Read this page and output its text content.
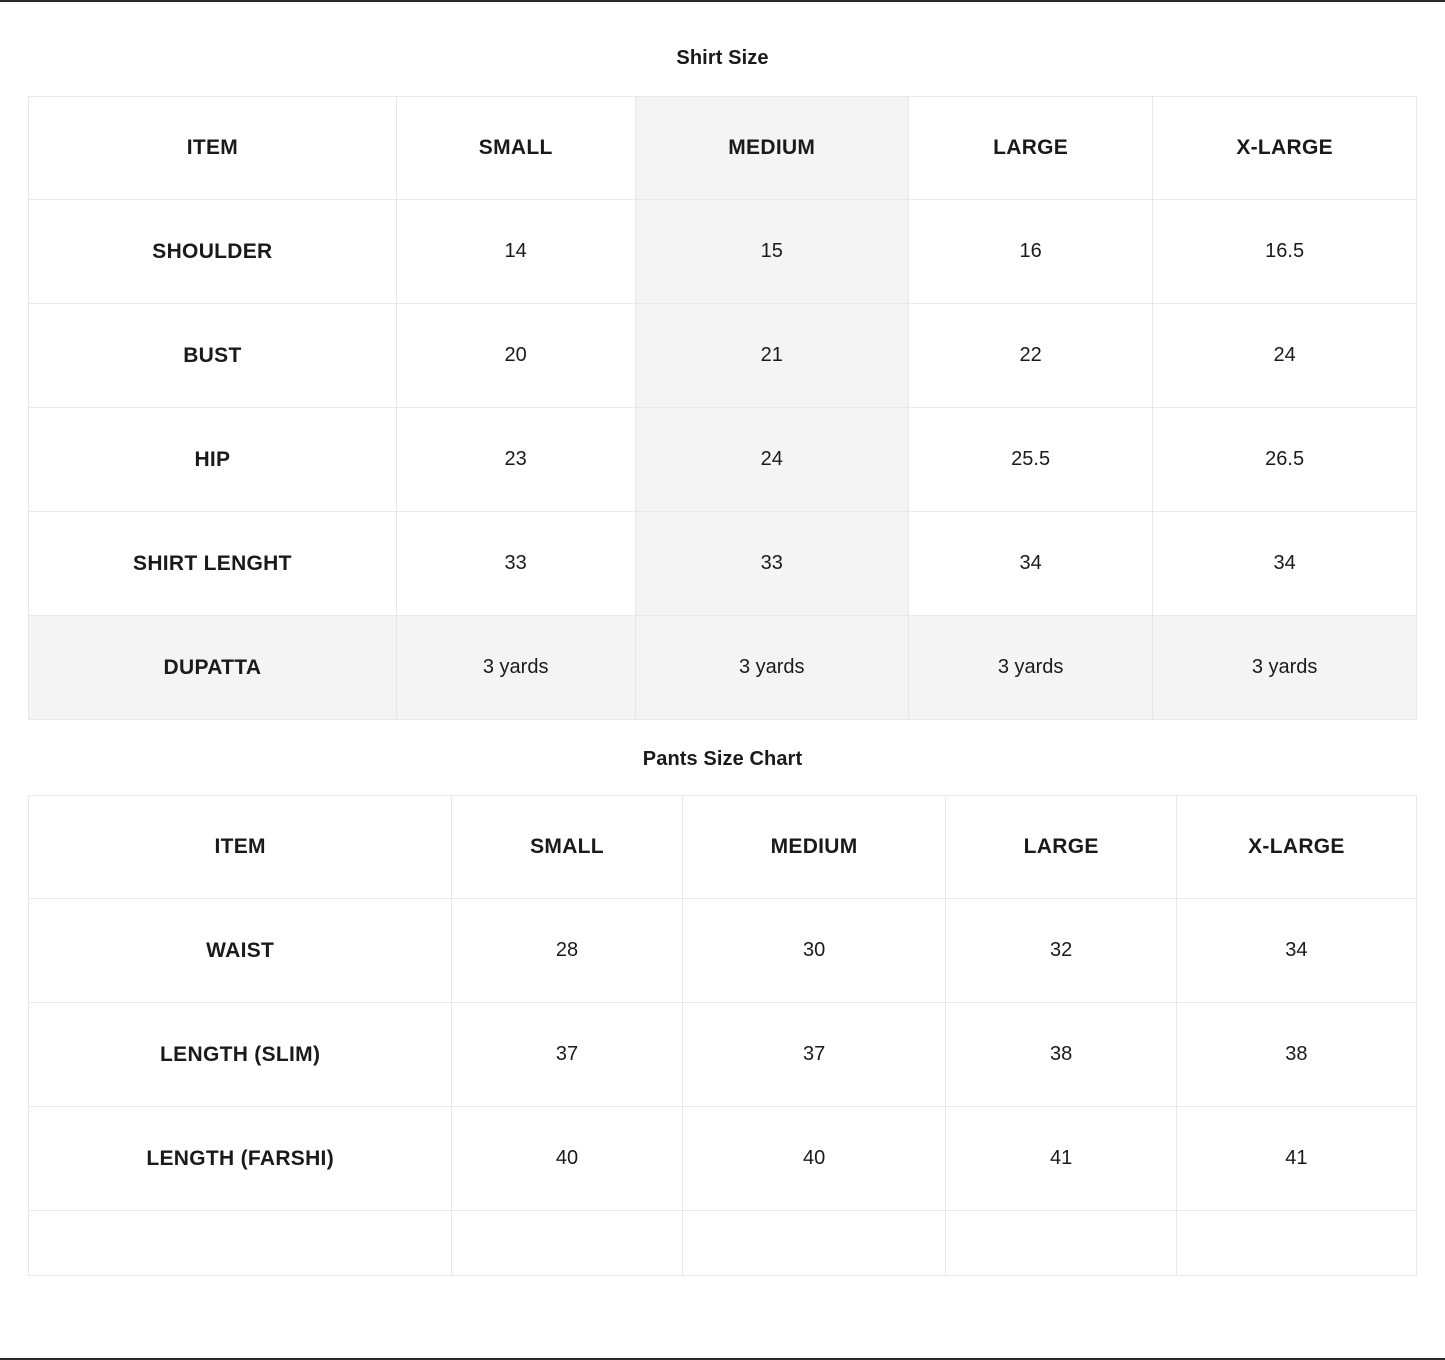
Shirt Size
ITEM	SMALL	MEDIUM	LARGE	X-LARGE
SHOULDER	14	15	16	16.5
BUST	20	21	22	24
HIP	23	24	25.5	26.5
SHIRT LENGHT	33	33	34	34
DUPATTA	3 yards	3 yards	3 yards	3 yards
Pants Size Chart
ITEM	SMALL	MEDIUM	LARGE	X-LARGE
WAIST	28	30	32	34
LENGTH (SLIM)	37	37	38	38
LENGTH (FARSHI)	40	40	41	41
